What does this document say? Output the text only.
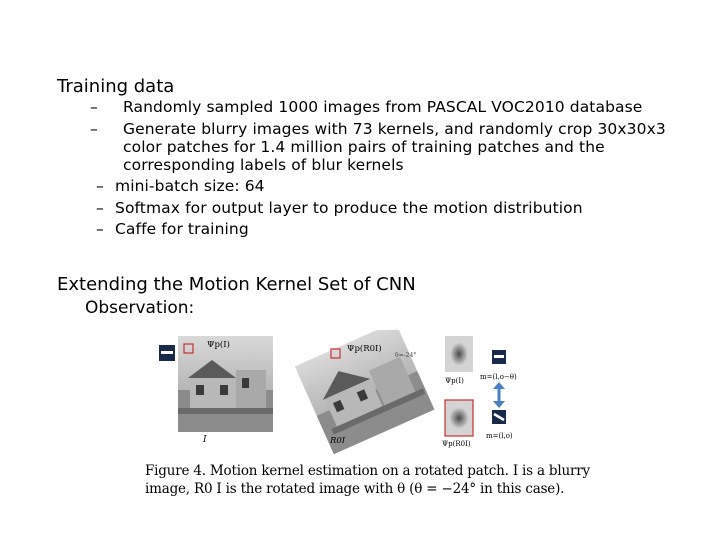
Training data
– Randomly sampled 1000 images from PASCAL VOC2010 database
– Generate blurry images with 73 kernels, and randomly crop 30x30x3
color patches for 1.4 million pairs of training patches and the
corresponding labels of blur kernels
– mini-batch size: 64
– Softmax for output layer to produce the motion distribution
– Caffe for training
Extending the Motion Kernel Set of CNN
Observation:
Ψp(I)
I
Ψp(R0I)
θ=-24°
R0I
Ψp(I)
Ψp(R0I)
m=(l,o−θ)
m=(l,o)
Figure 4. Motion kernel estimation on a rotated patch. I is a blurry
image, R0 I is the rotated image with θ (θ = −24° in this case).
